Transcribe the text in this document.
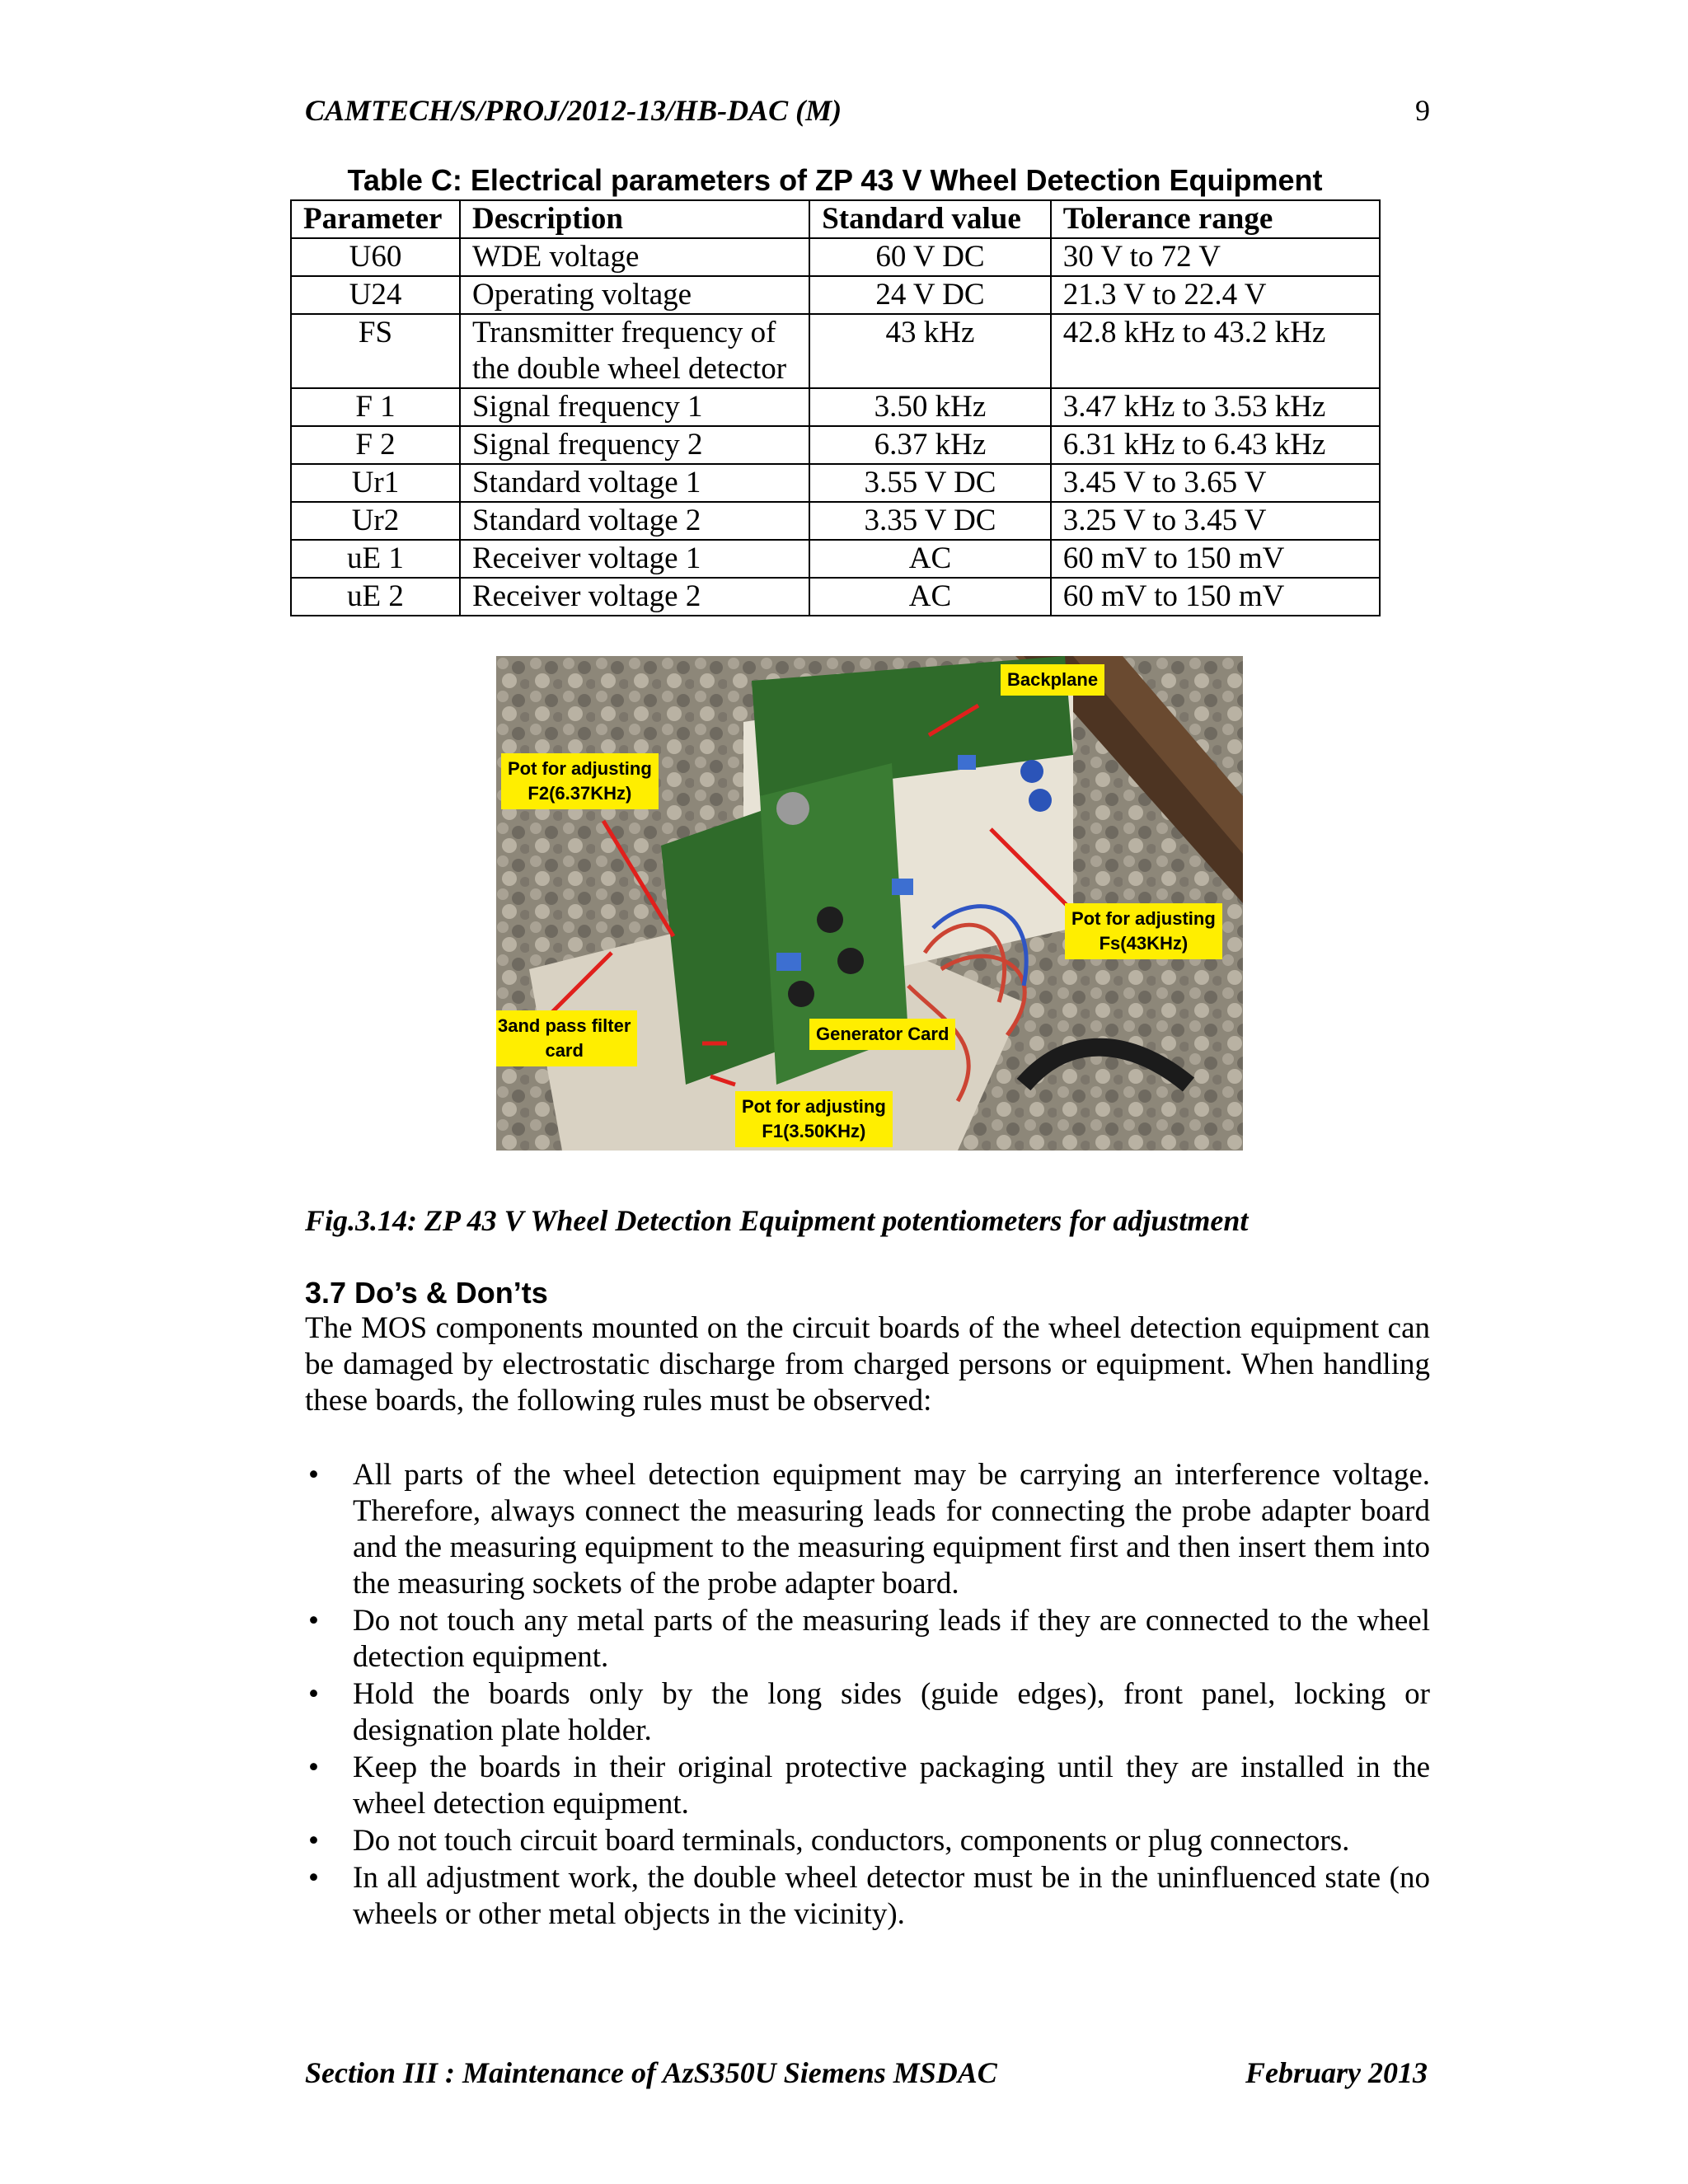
CAMTECH/S/PROJ/2012-13/HB-DAC (M)	9
Table C: Electrical parameters of ZP 43 V Wheel Detection Equipment
Parameter	Description	Standard value	Tolerance range
U60	WDE voltage	60 V DC	30 V to 72 V
U24	Operating voltage	24 V DC	21.3 V to 22.4 V
FS	Transmitter frequency of the double wheel detector	43 kHz	42.8 kHz to 43.2 kHz
F 1	Signal frequency 1	3.50 kHz	3.47 kHz to 3.53 kHz
F 2	Signal frequency 2	6.37 kHz	6.31 kHz to 6.43 kHz
Ur1	Standard voltage 1	3.55 V DC	3.45 V to 3.65 V
Ur2	Standard voltage 2	3.35 V DC	3.25 V to 3.45 V
uE 1	Receiver voltage 1	AC	60 mV to 150 mV
uE 2	Receiver voltage 2	AC	60 mV to 150 mV
Backplane
Pot for adjusting
F2(6.37KHz)
Pot for adjusting
Fs(43KHz)
3and pass filter
card
Generator Card
Pot for adjusting
F1(3.50KHz)
Fig.3.14: ZP 43 V Wheel Detection Equipment potentiometers for adjustment
3.7 Do’s & Don’ts

The MOS components mounted on the circuit boards of the wheel detection equipment can be damaged by electrostatic discharge from charged persons or equipment. When handling these boards, the following rules must be observed:

• All parts of the wheel detection equipment may be carrying an interference voltage. Therefore, always connect the measuring leads for connecting the probe adapter board and the measuring equipment to the measuring equipment first and then insert them into the measuring sockets of the probe adapter board.
• Do not touch any metal parts of the measuring leads if they are connected to the wheel detection equipment.
• Hold the boards only by the long sides (guide edges), front panel, locking or designation plate holder.
• Keep the boards in their original protective packaging until they are installed in the wheel detection equipment.
• Do not touch circuit board terminals, conductors, components or plug connectors.
• In all adjustment work, the double wheel detector must be in the uninfluenced state (no wheels or other metal objects in the vicinity).
Section III : Maintenance of AzS350U Siemens MSDAC	February 2013
